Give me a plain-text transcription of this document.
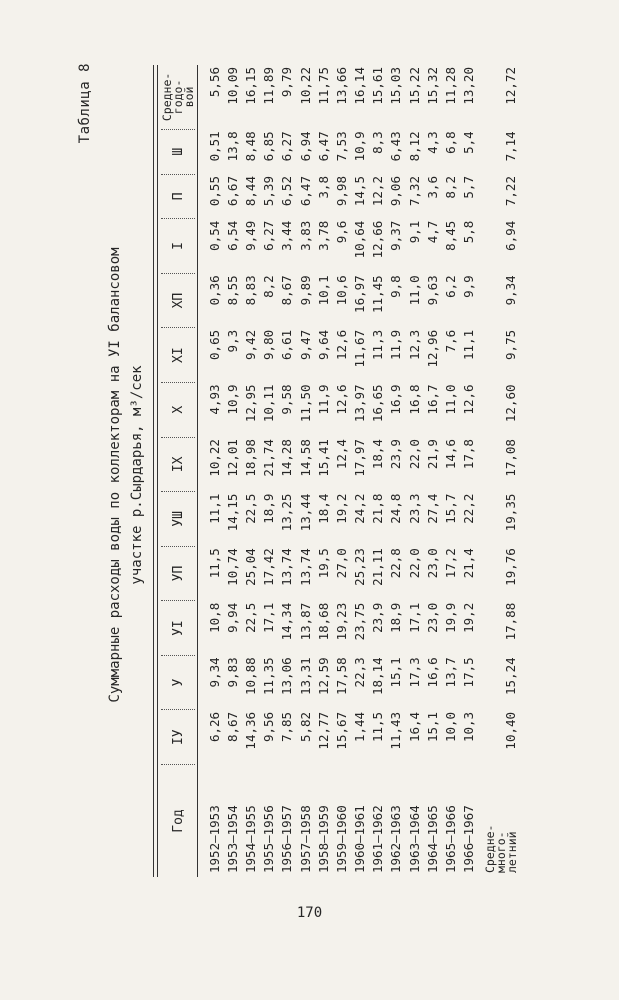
Таблица 8
Суммарные расходы воды по коллекторам на УI балансовом участке р.Сырдарья, м³/сек
Год	IУ	У	УI	УП	УШ	IХ	Х	ХI	ХП	I	П	Ш	Средне-
годо-
вой

1952–1953	6,26	9,34	10,8	11,5	11,1	10,22	4,93	0,65	0,36	0,54	0,55	0,51	5,56
1953–1954	8,67	9,83	9,94	10,74	14,15	12,01	10,9	9,3	8,55	6,54	6,67	13,8	10,09
1954–1955	14,36	10,88	22,5	25,04	22,5	18,98	12,95	9,42	8,83	9,49	8,44	8,48	16,15
1955–1956	9,56	11,35	17,1	17,42	18,9	21,74	10,11	9,80	8,2	6,27	5,39	6,85	11,89
1956–1957	7,85	13,06	14,34	13,74	13,25	14,28	9,58	6,61	8,67	3,44	6,52	6,27	9,79
1957–1958	5,82	13,31	13,87	13,74	13,44	14,58	11,50	9,47	9,89	3,83	6,47	6,94	10,22
1958–1959	12,77	12,59	18,68	19,5	18,4	15,41	11,9	9,64	10,1	3,78	3,8	6,47	11,75
1959–1960	15,67	17,58	19,23	27,0	19,2	12,4	12,6	12,6	10,6	9,6	9,98	7,53	13,66
1960–1961	1,44	22,3	23,75	25,23	24,2	17,97	13,97	11,67	16,97	10,64	14,5	10,9	16,14
1961–1962	11,5	18,14	23,9	21,11	21,8	18,4	16,65	11,3	11,45	12,66	12,2	8,3	15,61
1962–1963	11,43	15,1	18,9	22,8	24,8	23,9	16,9	11,9	9,8	9,37	9,06	6,43	15,03
1963–1964	16,4	17,3	17,1	22,0	23,3	22,0	16,8	12,3	11,0	9,1	7,32	8,12	15,22
1964–1965	15,1	16,6	23,0	23,0	27,4	21,9	16,7	12,96	9,63	4,7	3,6	4,3	15,32
1965–1966	10,0	13,7	19,9	17,2	15,7	14,6	11,0	7,6	6,2	8,45	8,2	6,8	11,28
1966–1967	10,3	17,5	19,2	21,4	22,2	17,8	12,6	11,1	9,9	5,8	5,7	5,4	13,20
Средне-
много-
летний	10,40	15,24	17,88	19,76	19,35	17,08	12,60	9,75	9,34	6,94	7,22	7,14	12,72
170
